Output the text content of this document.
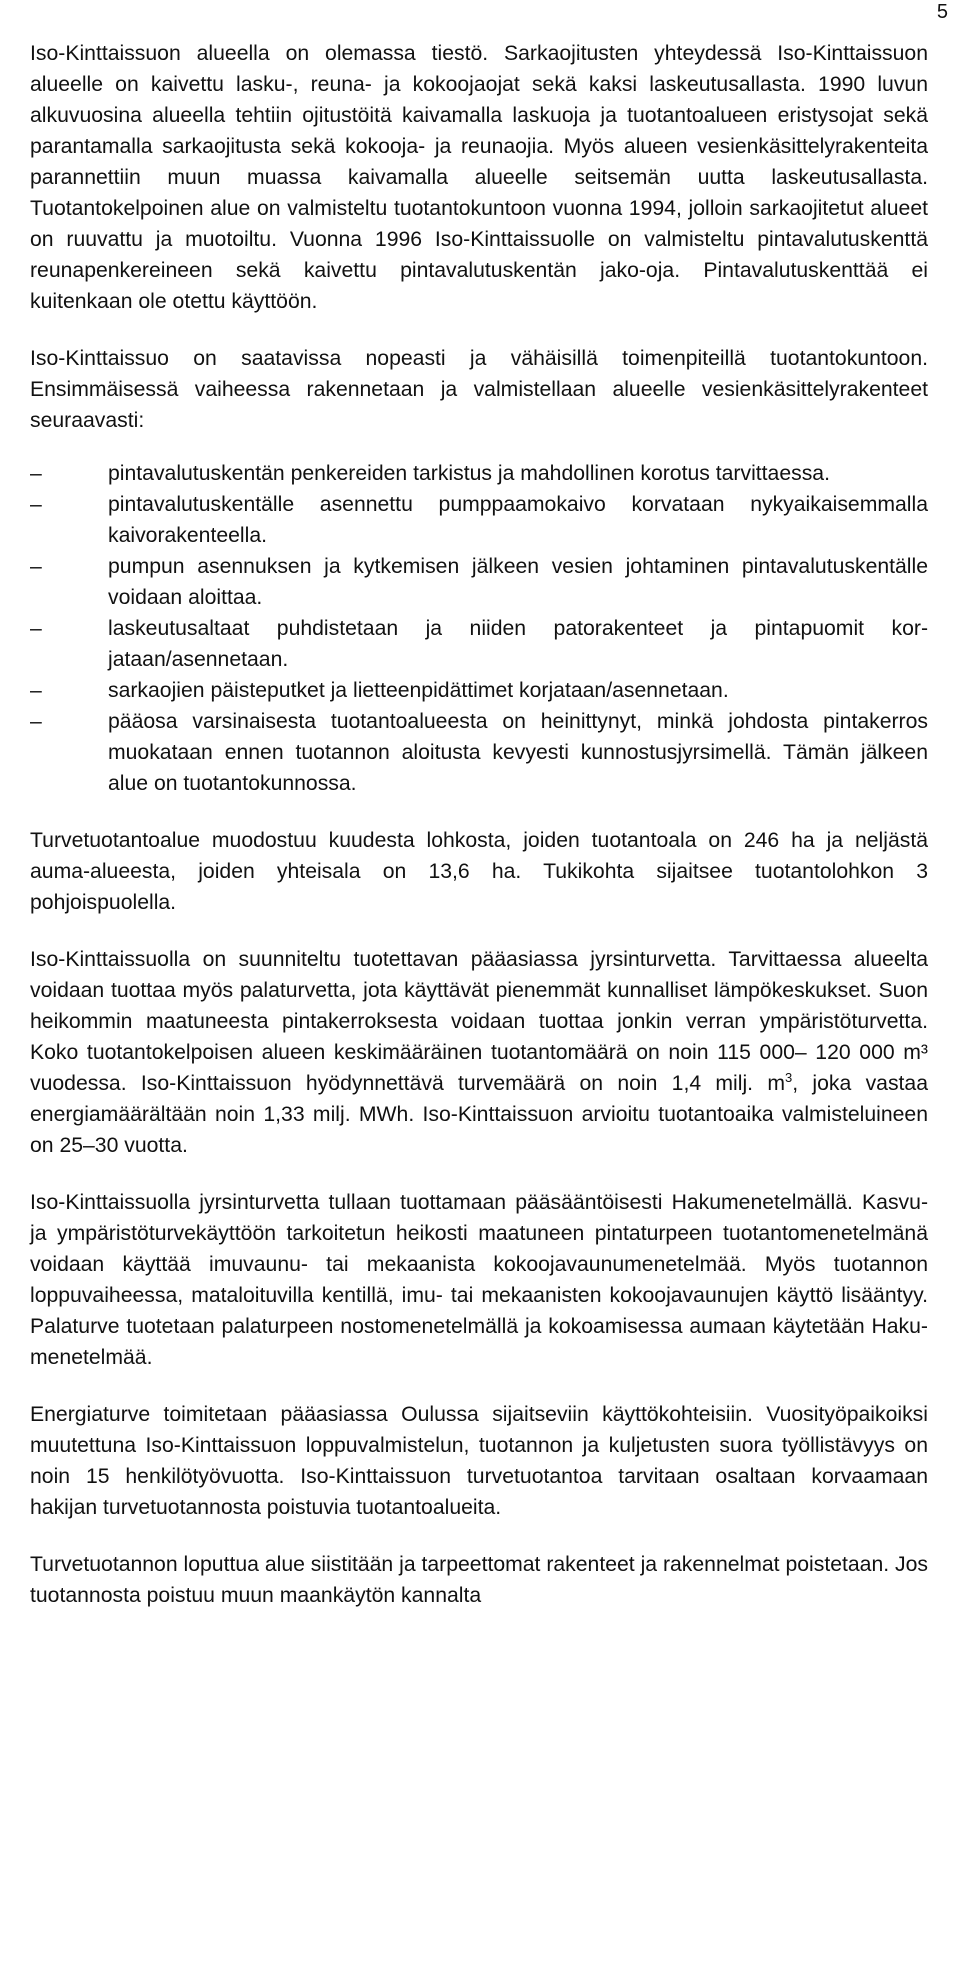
5

Iso-Kinttaissuon alueella on olemassa tiestö. Sarkaojitusten yhteydessä Iso-Kinttaissuon alueelle on kaivettu lasku-, reuna- ja kokoojaojat sekä kaksi laskeutusallasta. 1990 luvun alkuvuosina alueella tehtiin ojitustöitä kaivamalla laskuoja ja tuotantoalueen eristysojat sekä parantamalla sarkaojitusta sekä kokooja- ja reunaojia. Myös alueen vesienkäsittelyrakenteita parannettiin muun muassa kaivamalla alueelle seitsemän uutta laskeutusallasta. Tuotantokelpoinen alue on valmisteltu tuotantokuntoon vuonna 1994, jolloin sarkaojitetut alueet on ruuvattu ja muotoiltu. Vuonna 1996 Iso-Kinttaissuolle on valmisteltu pintavalutuskenttä reunapenkereineen sekä kaivettu pintavalutuskentän jako-oja. Pintavalutuskenttää ei kuitenkaan ole otettu käyttöön.

Iso-Kinttaissuo on saatavissa nopeasti ja vähäisillä toimenpiteillä tuotantokuntoon. Ensimmäisessä vaiheessa rakennetaan ja valmistellaan alueelle vesienkäsittelyrakenteet seuraavasti:

–	pintavalutuskentän penkereiden tarkistus ja mahdollinen korotus tarvittaessa.
–	pintavalutuskentälle asennettu pumppaamokaivo korvataan nykyaikaisemmalla kaivorakenteella.
–	pumpun asennuksen ja kytkemisen jälkeen vesien johtaminen pintavalutuskentälle voidaan aloittaa.
–	laskeutusaltaat puhdistetaan ja niiden patorakenteet ja pintapuomit korjataan/asennetaan.
–	sarkaojien päisteputket ja lietteenpidättimet korjataan/asennetaan.
–	pääosa varsinaisesta tuotantoalueesta on heinittynyt, minkä johdosta pintakerros muokataan ennen tuotannon aloitusta kevyesti kunnostusjyrsimellä. Tämän jälkeen alue on tuotantokunnossa.

Turvetuotantoalue muodostuu kuudesta lohkosta, joiden tuotantoala on 246 ha ja neljästä auma-alueesta, joiden yhteisala on 13,6 ha. Tukikohta sijaitsee tuotantolohkon 3 pohjoispuolella.

Iso-Kinttaissuolla on suunniteltu tuotettavan pääasiassa jyrsinturvetta. Tarvittaessa alueelta voidaan tuottaa myös palaturvetta, jota käyttävät pienemmät kunnalliset lämpökeskukset. Suon heikommin maatuneesta pintakerroksesta voidaan tuottaa jonkin verran ympäristöturvetta. Koko tuotantokelpoisen alueen keskimääräinen tuotantomäärä on noin 115 000– 120 000 m³ vuodessa. Iso-Kinttaissuon hyödynnettävä turvemäärä on noin 1,4 milj. $m^3$, joka vastaa energiamäärältään noin 1,33 milj. MWh. Iso-Kinttaissuon arvioitu tuotantoaika valmisteluineen on 25–30 vuotta.

Iso-Kinttaissuolla jyrsinturvetta tullaan tuottamaan pääsääntöisesti Hakumenetelmällä. Kasvu- ja ympäristöturvekäyttöön tarkoitetun heikosti maatuneen pintaturpeen tuotantomenetelmänä voidaan käyttää imuvaunu- tai mekaanista kokoojavaunumenetelmää. Myös tuotannon loppuvaiheessa, mataloituvilla kentillä, imu- tai mekaanisten kokoojavaunujen käyttö lisääntyy. Palaturve tuotetaan palaturpeen nostomenetelmällä ja kokoamisessa aumaan käytetään Haku-menetelmää.

Energiaturve toimitetaan pääasiassa Oulussa sijaitseviin käyttökohteisiin. Vuosityöpaikoiksi muutettuna Iso-Kinttaissuon loppuvalmistelun, tuotannon ja kuljetusten suora työllistävyys on noin 15 henkilötyövuotta. Iso-Kinttaissuon turvetuotantoa tarvitaan osaltaan korvaamaan hakijan turvetuotannosta poistuvia tuotantoalueita.

Turvetuotannon loputtua alue siistitään ja tarpeettomat rakenteet ja rakennelmat poistetaan. Jos tuotannosta poistuu muun maankäytön kannalta
